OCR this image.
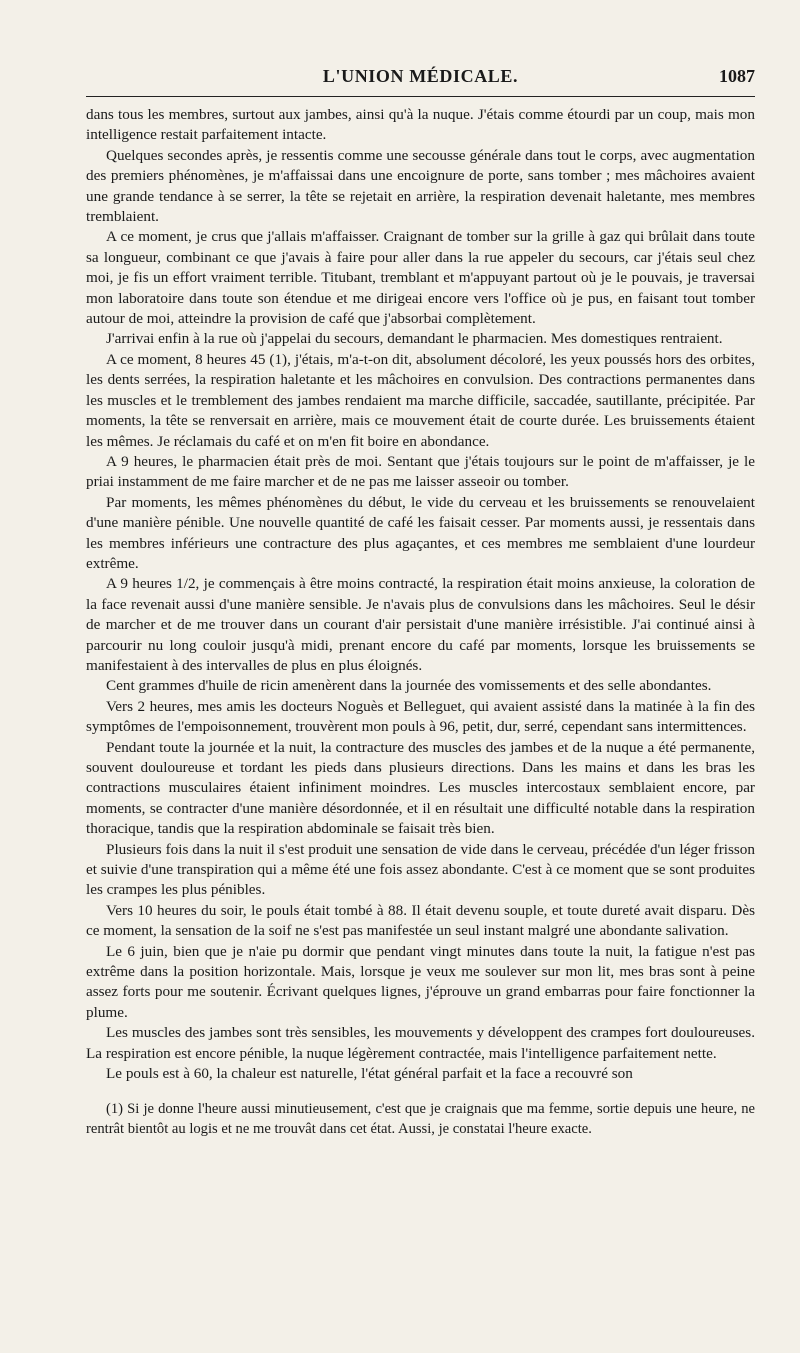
L'UNION MÉDICALE.	1087

dans tous les membres, surtout aux jambes, ainsi qu'à la nuque. J'étais comme étourdi par un coup, mais mon intelligence restait parfaitement intacte.

Quelques secondes après, je ressentis comme une secousse générale dans tout le corps, avec augmentation des premiers phénomènes, je m'affaissai dans une encoignure de porte, sans tomber ; mes mâchoires avaient une grande tendance à se serrer, la tête se rejetait en arrière, la respiration devenait haletante, mes membres tremblaient.

A ce moment, je crus que j'allais m'affaisser. Craignant de tomber sur la grille à gaz qui brûlait dans toute sa longueur, combinant ce que j'avais à faire pour aller dans la rue appeler du secours, car j'étais seul chez moi, je fis un effort vraiment terrible. Titubant, tremblant et m'appuyant partout où je le pouvais, je traversai mon laboratoire dans toute son étendue et me dirigeai encore vers l'office où je pus, en faisant tout tomber autour de moi, atteindre la provision de café que j'absorbai complètement.

J'arrivai enfin à la rue où j'appelai du secours, demandant le pharmacien. Mes domestiques rentraient.

A ce moment, 8 heures 45 (1), j'étais, m'a-t-on dit, absolument décoloré, les yeux poussés hors des orbites, les dents serrées, la respiration haletante et les mâchoires en convulsion. Des contractions permanentes dans les muscles et le tremblement des jambes rendaient ma marche difficile, saccadée, sautillante, précipitée. Par moments, la tête se renversait en arrière, mais ce mouvement était de courte durée. Les bruissements étaient les mêmes. Je réclamais du café et on m'en fit boire en abondance.

A 9 heures, le pharmacien était près de moi. Sentant que j'étais toujours sur le point de m'affaisser, je le priai instamment de me faire marcher et de ne pas me laisser asseoir ou tomber.

Par moments, les mêmes phénomènes du début, le vide du cerveau et les bruissements se renouvelaient d'une manière pénible. Une nouvelle quantité de café les faisait cesser. Par moments aussi, je ressentais dans les membres inférieurs une contracture des plus agaçantes, et ces membres me semblaient d'une lourdeur extrême.

A 9 heures 1/2, je commençais à être moins contracté, la respiration était moins anxieuse, la coloration de la face revenait aussi d'une manière sensible. Je n'avais plus de convulsions dans les mâchoires. Seul le désir de marcher et de me trouver dans un courant d'air persistait d'une manière irrésistible. J'ai continué ainsi à parcourir nu long couloir jusqu'à midi, prenant encore du café par moments, lorsque les bruissements se manifestaient à des intervalles de plus en plus éloignés.

Cent grammes d'huile de ricin amenèrent dans la journée des vomissements et des selle abondantes.

Vers 2 heures, mes amis les docteurs Noguès et Belleguet, qui avaient assisté dans la matinée à la fin des symptômes de l'empoisonnement, trouvèrent mon pouls à 96, petit, dur, serré, cependant sans intermittences.

Pendant toute la journée et la nuit, la contracture des muscles des jambes et de la nuque a été permanente, souvent douloureuse et tordant les pieds dans plusieurs directions. Dans les mains et dans les bras les contractions musculaires étaient infiniment moindres. Les muscles intercostaux semblaient encore, par moments, se contracter d'une manière désordonnée, et il en résultait une difficulté notable dans la respiration thoracique, tandis que la respiration abdominale se faisait très bien.

Plusieurs fois dans la nuit il s'est produit une sensation de vide dans le cerveau, précédée d'un léger frisson et suivie d'une transpiration qui a même été une fois assez abondante. C'est à ce moment que se sont produites les crampes les plus pénibles.

Vers 10 heures du soir, le pouls était tombé à 88. Il était devenu souple, et toute dureté avait disparu. Dès ce moment, la sensation de la soif ne s'est pas manifestée un seul instant malgré une abondante salivation.

Le 6 juin, bien que je n'aie pu dormir que pendant vingt minutes dans toute la nuit, la fatigue n'est pas extrême dans la position horizontale. Mais, lorsque je veux me soulever sur mon lit, mes bras sont à peine assez forts pour me soutenir. Écrivant quelques lignes, j'éprouve un grand embarras pour faire fonctionner la plume.

Les muscles des jambes sont très sensibles, les mouvements y développent des crampes fort douloureuses. La respiration est encore pénible, la nuque légèrement contractée, mais l'intelligence parfaitement nette.

Le pouls est à 60, la chaleur est naturelle, l'état général parfait et la face a recouvré son

(1) Si je donne l'heure aussi minutieusement, c'est que je craignais que ma femme, sortie depuis une heure, ne rentrât bientôt au logis et ne me trouvât dans cet état. Aussi, je constatai l'heure exacte.
